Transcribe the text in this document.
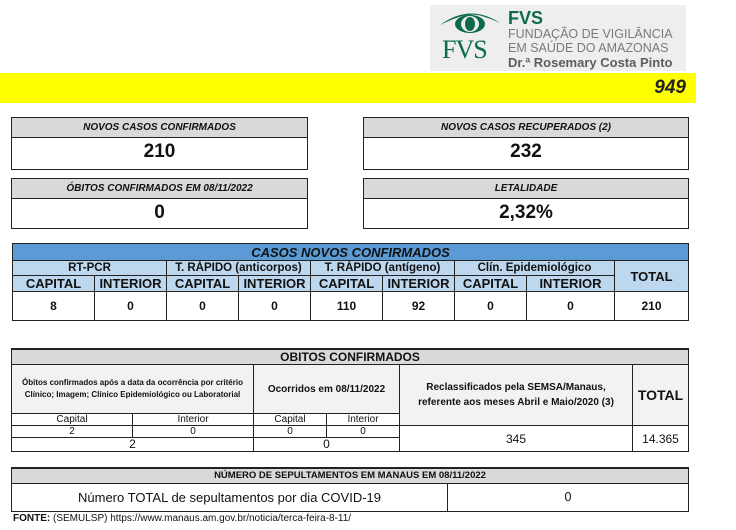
FVS
FVS
FUNDAÇÃO DE VIGILÂNCIA
EM SAÚDE DO AMAZONAS
Dr.ª Rosemary Costa Pinto
949
NOVOS CASOS CONFIRMADOS
210
NOVOS CASOS RECUPERADOS (2)
232
ÓBITOS CONFIRMADOS EM 08/11/2022
0
LETALIDADE
2,32%
CASOS NOVOS CONFIRMADOS								
RT-PCR		T. RÁPIDO (anticorpos)		T. RÁPIDO (antígeno)		Clín. Epidemiológico		TOTAL
CAPITAL	INTERIOR	CAPITAL	INTERIOR	CAPITAL	INTERIOR	CAPITAL	INTERIOR	
8	0	0	0	110	92	0	0	210
OBITOS CONFIRMADOS					
Óbitos confirmados após a data da ocorrência por critério Clínico; Imagem; Clínico Epidemiológico ou Laboratorial		Ocorridos em 08/11/2022		Reclassificados pela SEMSA/Manaus, referente aos meses Abril e Maio/2020 (3)	TOTAL
Capital	Interior	Capital	Interior		
2	0	0	0	345	14.365
2		0			
NÚMERO DE SEPULTAMENTOS EM MANAUS EM 08/11/2022
Número TOTAL de sepultamentos por dia COVID-19	0
FONTE: (SEMULSP) https://www.manaus.am.gov.br/noticia/terca-feira-8-11/
